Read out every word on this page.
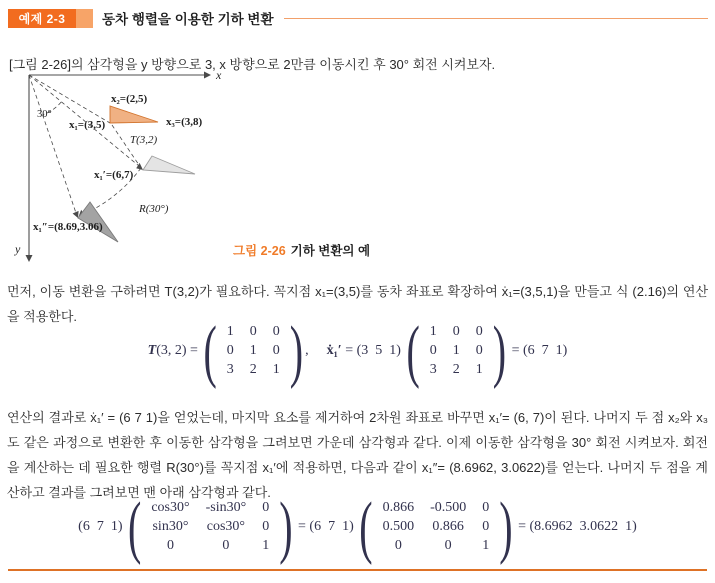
예제 2-3	동차 행렬을 이용한 기하 변환

[그림 2-26]의 삼각형을 y 방향으로 3, x 방향으로 2만큼 이동시킨 후 30° 회전 시켜보자.

x
y
30°
x₂=(2,5)
x₁=(3,5)	x₃=(3,8)
T(3,2)
x₁′=(6,7)
R(30°)
x₁″=(8.69,3.06)
그림 2-26 기하 변환의 예

먼저, 이동 변환을 구하려면 T(3,2)가 필요하다. 꼭지점 x₁=(3,5)를 동차 좌표로 확장하여 ẋ₁=(3,5,1)을 만들고 식 (2.16)의 연산을 적용한다.

T (3, 2) = ( 1	0	0
0	1	0
3	2	1 ) , ẋ₁′ = (3  5  1) ( 1	0	0
0	1	0
3	2	1 ) = (6  7  1)

연산의 결과로 ẋ₁′ = (6 7 1)을 얻었는데, 마지막 요소를 제거하여 2차원 좌표로 바꾸면 x₁′= (6, 7)이 된다. 나머지 두 점 x₂와 x₃도 같은 과정으로 변환한 후 이동한 삼각형을 그려보면 가운데 삼각형과 같다. 이제 이동한 삼각형을 30° 회전 시켜보자. 회전을 계산하는 데 필요한 행렬 R(30°)를 꼭지점 x₁′에 적용하면, 다음과 같이 x₁″= (8.6962, 3.0622)를 얻는다. 나머지 두 점을 계산하고 결과를 그려보면 맨 아래 삼각형과 같다.

(6  7  1) ( cos30°	-sin30°	0
sin30°	cos30°	0
0	0	1 ) = (6  7  1) ( 0.866	-0.500	0
0.500	0.866	0
0	0	1 ) = (8.6962  3.0622  1)
